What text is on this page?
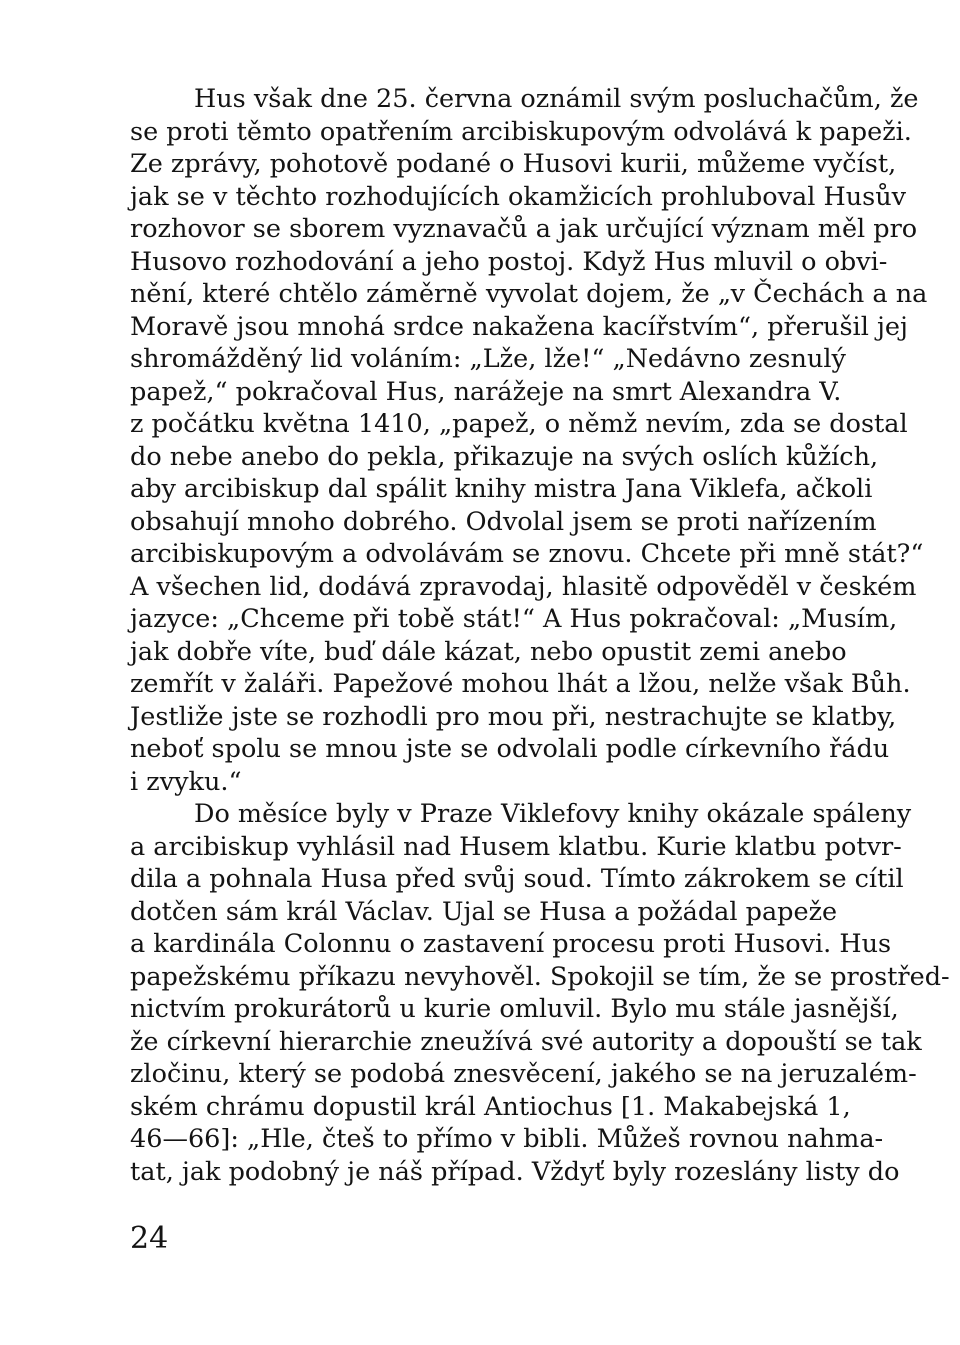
Hus však dne 25. června oznámil svým posluchačům, že
se proti těmto opatřením arcibiskupovým odvolává k papeži.
Ze zprávy, pohotově podané o Husovi kurii, můžeme vyčíst,
jak se v těchto rozhodujících okamžicích prohluboval Husův
rozhovor se sborem vyznavačů a jak určující význam měl pro
Husovo rozhodování a jeho postoj. Když Hus mluvil o obvi-
nění, které chtělo záměrně vyvolat dojem, že „v Čechách a na
Moravě jsou mnohá srdce nakažena kacířstvím“, přerušil jej
shromážděný lid voláním: „Lže, lže!“ „Nedávno zesnulý
papež,“ pokračoval Hus, narážeje na smrt Alexandra V.
z počátku května 1410, „papež, o němž nevím, zda se dostal
do nebe anebo do pekla, přikazuje na svých oslích kůžích,
aby arcibiskup dal spálit knihy mistra Jana Viklefa, ačkoli
obsahují mnoho dobrého. Odvolal jsem se proti nařízením
arcibiskupovým a odvolávám se znovu. Chcete při mně stát?“
A všechen lid, dodává zpravodaj, hlasitě odpověděl v českém
jazyce: „Chceme při tobě stát!“ A Hus pokračoval: „Musím,
jak dobře víte, buď dále kázat, nebo opustit zemi anebo
zemřít v žaláři. Papežové mohou lhát a lžou, nelže však Bůh.
Jestliže jste se rozhodli pro mou při, nestrachujte se klatby,
neboť spolu se mnou jste se odvolali podle církevního řádu
i zvyku.“
Do měsíce byly v Praze Viklefovy knihy okázale spáleny
a arcibiskup vyhlásil nad Husem klatbu. Kurie klatbu potvr-
dila a pohnala Husa před svůj soud. Tímto zákrokem se cítil
dotčen sám král Václav. Ujal se Husa a požádal papeže
a kardinála Colonnu o zastavení procesu proti Husovi. Hus
papežskému příkazu nevyhověl. Spokojil se tím, že se prostřed-
nictvím prokurátorů u kurie omluvil. Bylo mu stále jasnější,
že církevní hierarchie zneužívá své autority a dopouští se tak
zločinu, který se podobá znesvěcení, jakého se na jeruzalém-
ském chrámu dopustil král Antiochus [1. Makabejská 1,
46—66]: „Hle, čteš to přímo v bibli. Můžeš rovnou nahma-
tat, jak podobný je náš případ. Vždyť byly rozeslány listy do
24
